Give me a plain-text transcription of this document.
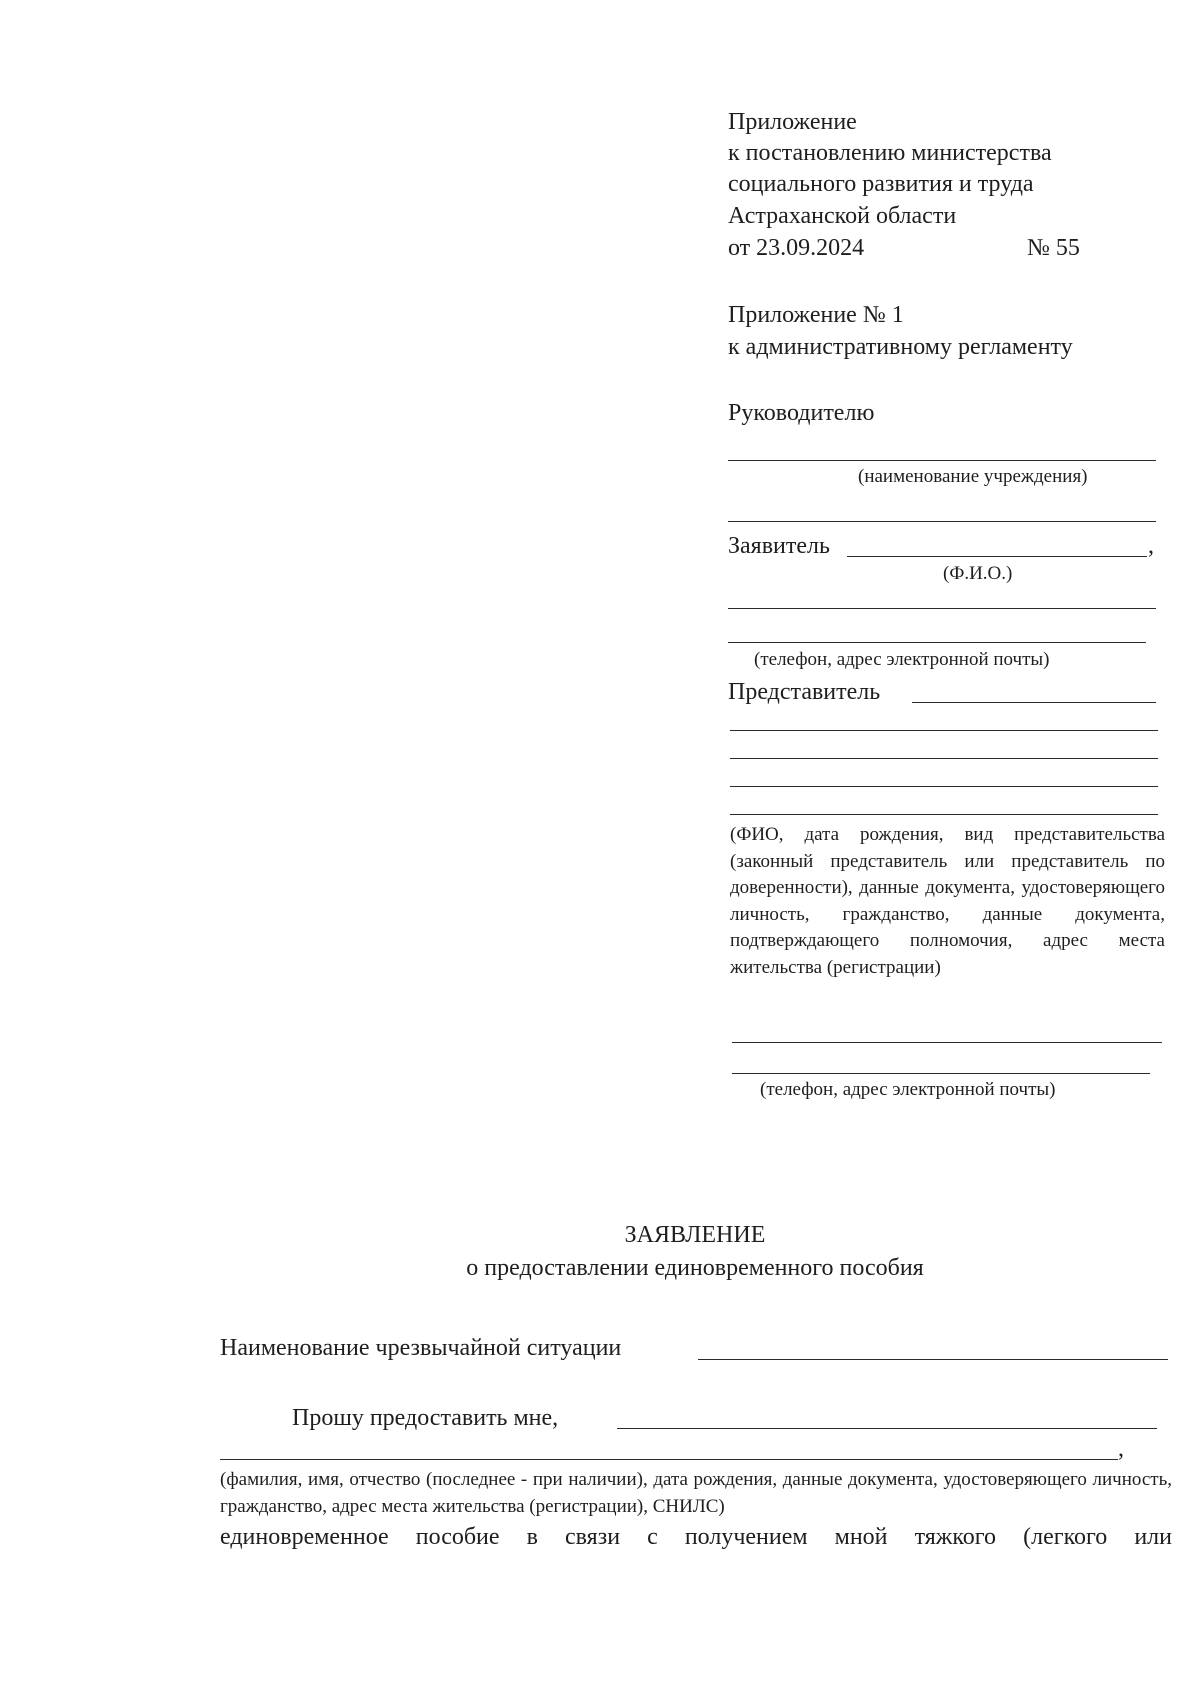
Приложение
к постановлению министерства
социального развития и труда
Астраханской области
от 23.09.2024	№ 55
Приложение № 1
к административному регламенту
Руководителю
(наименование учреждения)
Заявитель	,
(Ф.И.О.)
(телефон, адрес электронной почты)
Представитель
(ФИО, дата рождения, вид представительства (законный представитель или представитель по доверенности), данные документа, удостоверяющего личность, гражданство, данные документа, подтверждающего полномочия, адрес места жительства (регистрации)
(телефон, адрес электронной почты)
ЗАЯВЛЕНИЕ
о предоставлении единовременного пособия
Наименование чрезвычайной ситуации
Прошу предоставить мне,
,
(фамилия, имя, отчество (последнее - при наличии), дата рождения, данные документа, удостоверяющего личность, гражданство, адрес места жительства (регистрации), СНИЛС)
единовременное пособие в связи с получением мной тяжкого (легкого или
